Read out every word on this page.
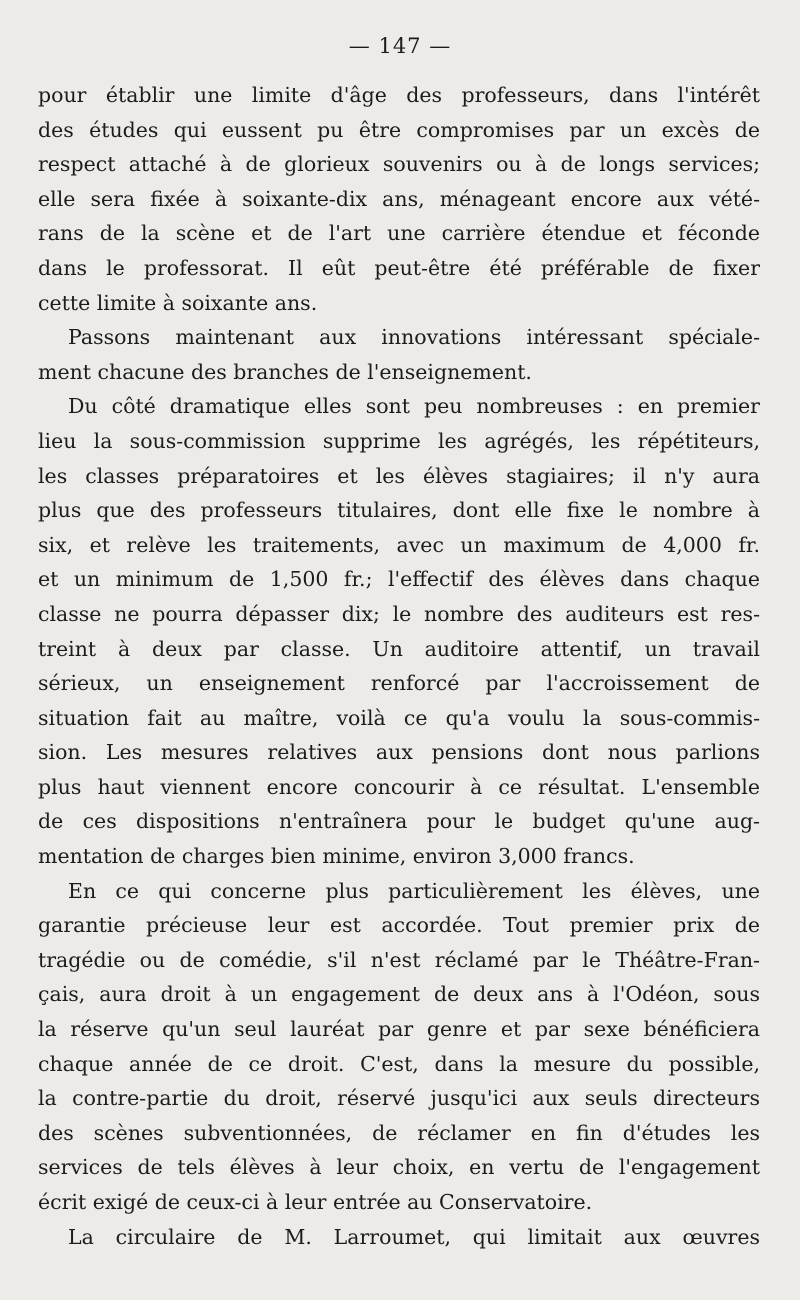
— 147 —
pour établir une limite d'âge des professeurs, dans l'intérêt
des études qui eussent pu être compromises par un excès de
respect attaché à de glorieux souvenirs ou à de longs services;
elle sera fixée à soixante-dix ans, ménageant encore aux vété-
rans de la scène et de l'art une carrière étendue et féconde
dans le professorat. Il eût peut-être été préférable de fixer
cette limite à soixante ans.
Passons maintenant aux innovations intéressant spéciale-
ment chacune des branches de l'enseignement.
Du côté dramatique elles sont peu nombreuses : en premier
lieu la sous-commission supprime les agrégés, les répétiteurs,
les classes préparatoires et les élèves stagiaires; il n'y aura
plus que des professeurs titulaires, dont elle fixe le nombre à
six, et relève les traitements, avec un maximum de 4,000 fr.
et un minimum de 1,500 fr.; l'effectif des élèves dans chaque
classe ne pourra dépasser dix; le nombre des auditeurs est res-
treint à deux par classe. Un auditoire attentif, un travail
sérieux, un enseignement renforcé par l'accroissement de
situation fait au maître, voilà ce qu'a voulu la sous-commis-
sion. Les mesures relatives aux pensions dont nous parlions
plus haut viennent encore concourir à ce résultat. L'ensemble
de ces dispositions n'entraînera pour le budget qu'une aug-
mentation de charges bien minime, environ 3,000 francs.
En ce qui concerne plus particulièrement les élèves, une
garantie précieuse leur est accordée. Tout premier prix de
tragédie ou de comédie, s'il n'est réclamé par le Théâtre-Fran-
çais, aura droit à un engagement de deux ans à l'Odéon, sous
la réserve qu'un seul lauréat par genre et par sexe bénéficiera
chaque année de ce droit. C'est, dans la mesure du possible,
la contre-partie du droit, réservé jusqu'ici aux seuls directeurs
des scènes subventionnées, de réclamer en fin d'études les
services de tels élèves à leur choix, en vertu de l'engagement
écrit exigé de ceux-ci à leur entrée au Conservatoire.
La circulaire de M. Larroumet, qui limitait aux œuvres
